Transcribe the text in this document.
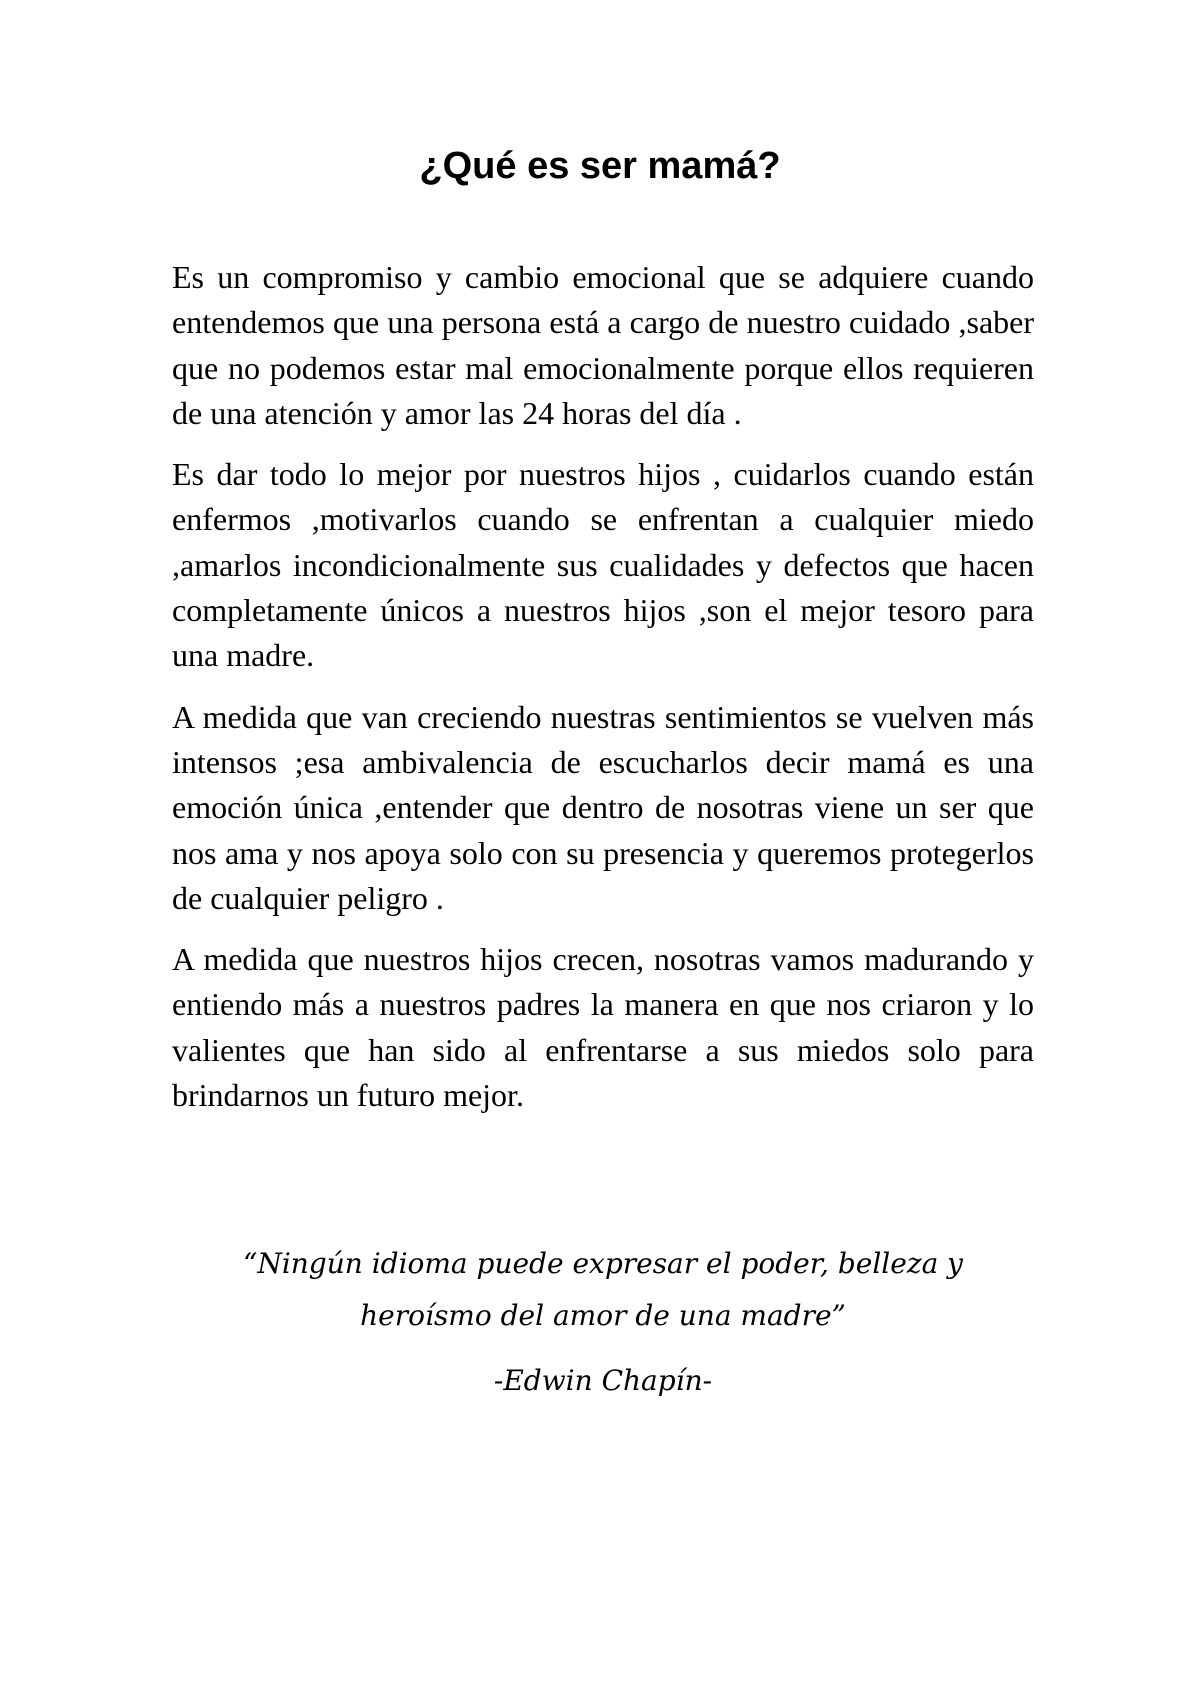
¿Qué es ser mamá?

Es un compromiso y cambio emocional que se adquiere cuando entendemos que una persona está a cargo de nuestro cuidado ,saber que no podemos estar mal emocionalmente porque ellos requieren de una atención y amor las 24 horas del día .

Es dar todo lo mejor por nuestros hijos , cuidarlos cuando están enfermos ,motivarlos cuando se enfrentan a cualquier miedo ,amarlos incondicionalmente sus cualidades y defectos que hacen completamente únicos a nuestros hijos ,son el mejor tesoro para una madre.

A medida que van creciendo nuestras sentimientos se vuelven más intensos ;esa ambivalencia de escucharlos decir mamá es una emoción única ,entender que dentro de nosotras viene un ser que nos ama y nos apoya solo con su presencia y queremos protegerlos de cualquier peligro .

A medida que nuestros hijos crecen, nosotras vamos madurando y entiendo más a nuestros padres la manera en que nos criaron y lo valientes que han sido al enfrentarse a sus miedos solo para brindarnos un futuro mejor.

“Ningún idioma puede expresar el poder, belleza y
heroísmo del amor de una madre”
-Edwin Chapín-
